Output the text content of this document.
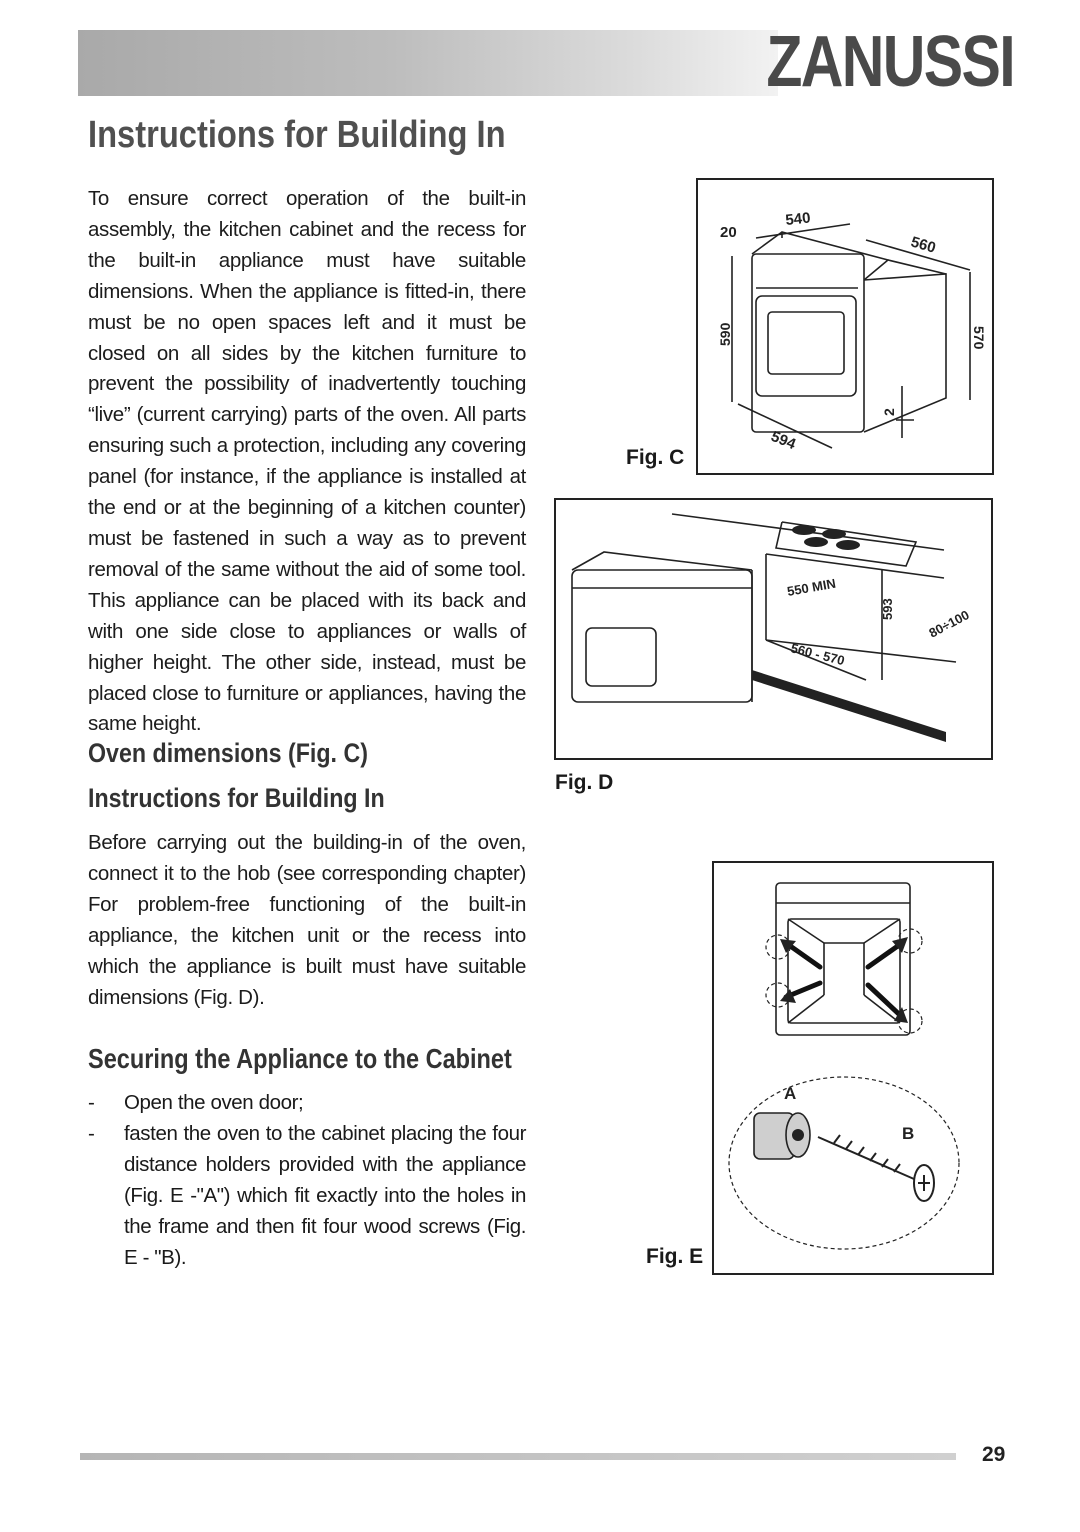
ZANUSSI
Instructions for Building In
To ensure correct operation of the built-in assembly, the kitchen cabinet and the recess for the built-in appliance must have suitable dimensions. When the appliance is fitted-in, there must be no open spaces left and it must be closed on all sides by the kitchen furniture to prevent the possibility of inadvertently touching “live” (current carrying) parts of the oven. All parts ensuring such a protection, including any covering panel (for instance, if the appliance is installed at the end or at the beginning of a kitchen counter) must be fastened in such a way as to prevent removal of the same without the aid of some tool. This appliance can be placed with its back and with one side close to appliances or walls of higher height. The other side, instead, must be placed close to furniture or appliances, having the same height.
Oven dimensions (Fig. C)
Instructions for Building In
Before carrying out the building-in of the oven, connect it to the hob (see corresponding chapter) For problem-free functioning of the built-in appliance, the kitchen unit or the recess into which the appliance is built must have suitable dimensions (Fig. D).
Securing the Appliance to the Cabinet
- Open the oven door;
- fasten the oven to the cabinet placing the four distance holders provided with the appliance (Fig. E -"A") which fit exactly into the holes in the frame and then fit four wood screws (Fig. E - "B).
20
540
560
590	570
2
594
Fig. C
550 MIN
593 80÷100
560 - 570
Fig. D
A
B
Fig. E
29
